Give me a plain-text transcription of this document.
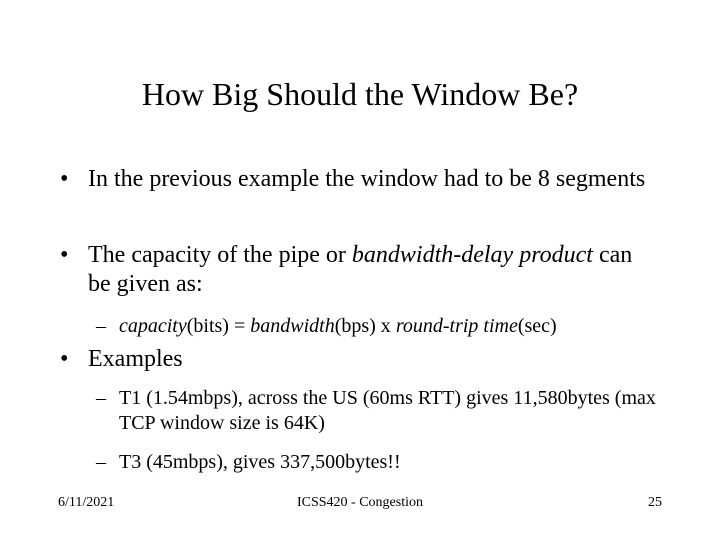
How Big Should the Window Be?
• In the previous example the window had to be 8 segments
• The capacity of the pipe or bandwidth-delay product can be given as:
– capacity(bits) = bandwidth(bps) x round-trip time(sec)
• Examples
– T1 (1.54mbps), across the US (60ms RTT) gives 11,580bytes (max TCP window size is 64K)
– T3 (45mbps), gives 337,500bytes!!
ICSS420 - Congestion
6/11/2021	25
